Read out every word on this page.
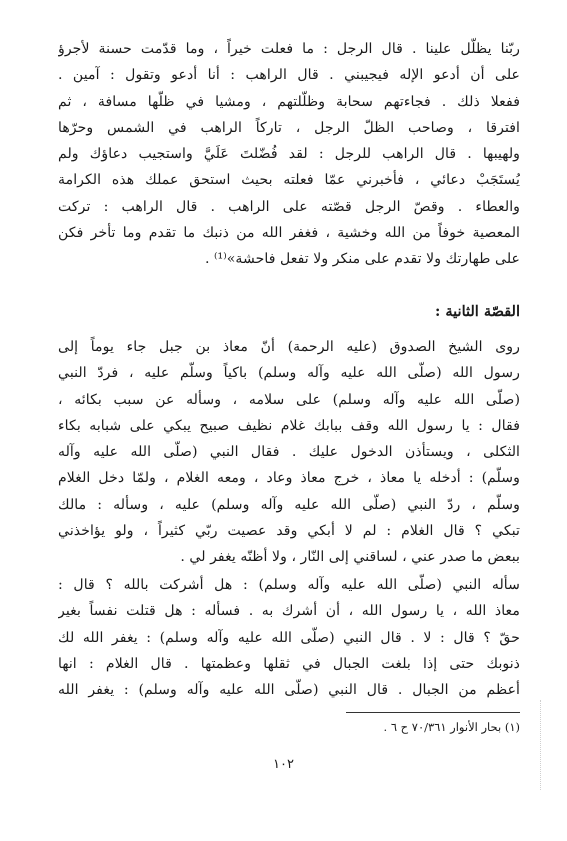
ربّنا يظلّل علينا . قال الرجل : ما فعلت خيراً ، وما قدّمت حسنة لأجرؤ
على أن أدعو الإله فيجيبني . قال الراهب : أنا أدعو وتقول : آمين .
ففعلا ذلك . فجاءتهم سحابة وظلّلتهم ، ومشيا في ظلّها مسافة ، ثم
افترقا ، وصاحب الظلّ الرجل ، تاركاً الراهب في الشمس وحرّها
ولهيبها . قال الراهب للرجل : لقد فُضّلتَ عَلَيَّ واستجيب دعاؤك ولم
يُستَجَبْ دعائي ، فأخبرني عمّا فعلته بحيث استحق عملك هذه الكرامة
والعطاء . وقصّ الرجل قصّته على الراهب . قال الراهب : تركت
المعصية خوفاً من الله وخشية ، فغفر الله من ذنبك ما تقدم وما تأخر فكن
على طهارتك ولا تقدم على منكر ولا تفعل فاحشة»⁽¹⁾ .
القصّة الثانية :
روى الشيخ الصدوق (عليه الرحمة) أنّ معاذ بن جبل جاء يوماً إلى
رسول الله (صلّى الله عليه وآله وسلم) باكياً وسلّم عليه ، فردّ النبي
(صلّى الله عليه وآله وسلم) على سلامه ، وسأله عن سبب بكائه ،
فقال : يا رسول الله وقف ببابك غلام نظيف صبيح يبكي على شبابه بكاء
الثكلى ، ويستأذن الدخول عليك . فقال النبي (صلّى الله عليه وآله
وسلّم) : أدخله يا معاذ ، خرج معاذ وعاد ، ومعه الغلام ، ولمّا دخل الغلام
وسلّم ، ردّ النبي (صلّى الله عليه وآله وسلم) عليه ، وسأله : مالك
تبكي ؟ قال الغلام : لم لا أبكي وقد عصيت ربّي كثيراً ، ولو يؤاخذني
ببعض ما صدر عني ، لساقني إلى النّار ، ولا أظنّه يغفر لي .
سأله النبي (صلّى الله عليه وآله وسلم) : هل أشركت بالله ؟ قال :
معاذ الله ، يا رسول الله ، أن أشرك به . فسأله : هل قتلت نفساً بغير
حقّ ؟ قال : لا . قال النبي (صلّى الله عليه وآله وسلم) : يغفر الله لك
ذنوبك حتى إذا بلغت الجبال في ثقلها وعظمتها . قال الغلام : انها
أعظم من الجبال . قال النبي (صلّى الله عليه وآله وسلم) : يغفر الله
(١) بحار الأنوار ٧٠/٣٦١ ح ٦ .
١٠٢
